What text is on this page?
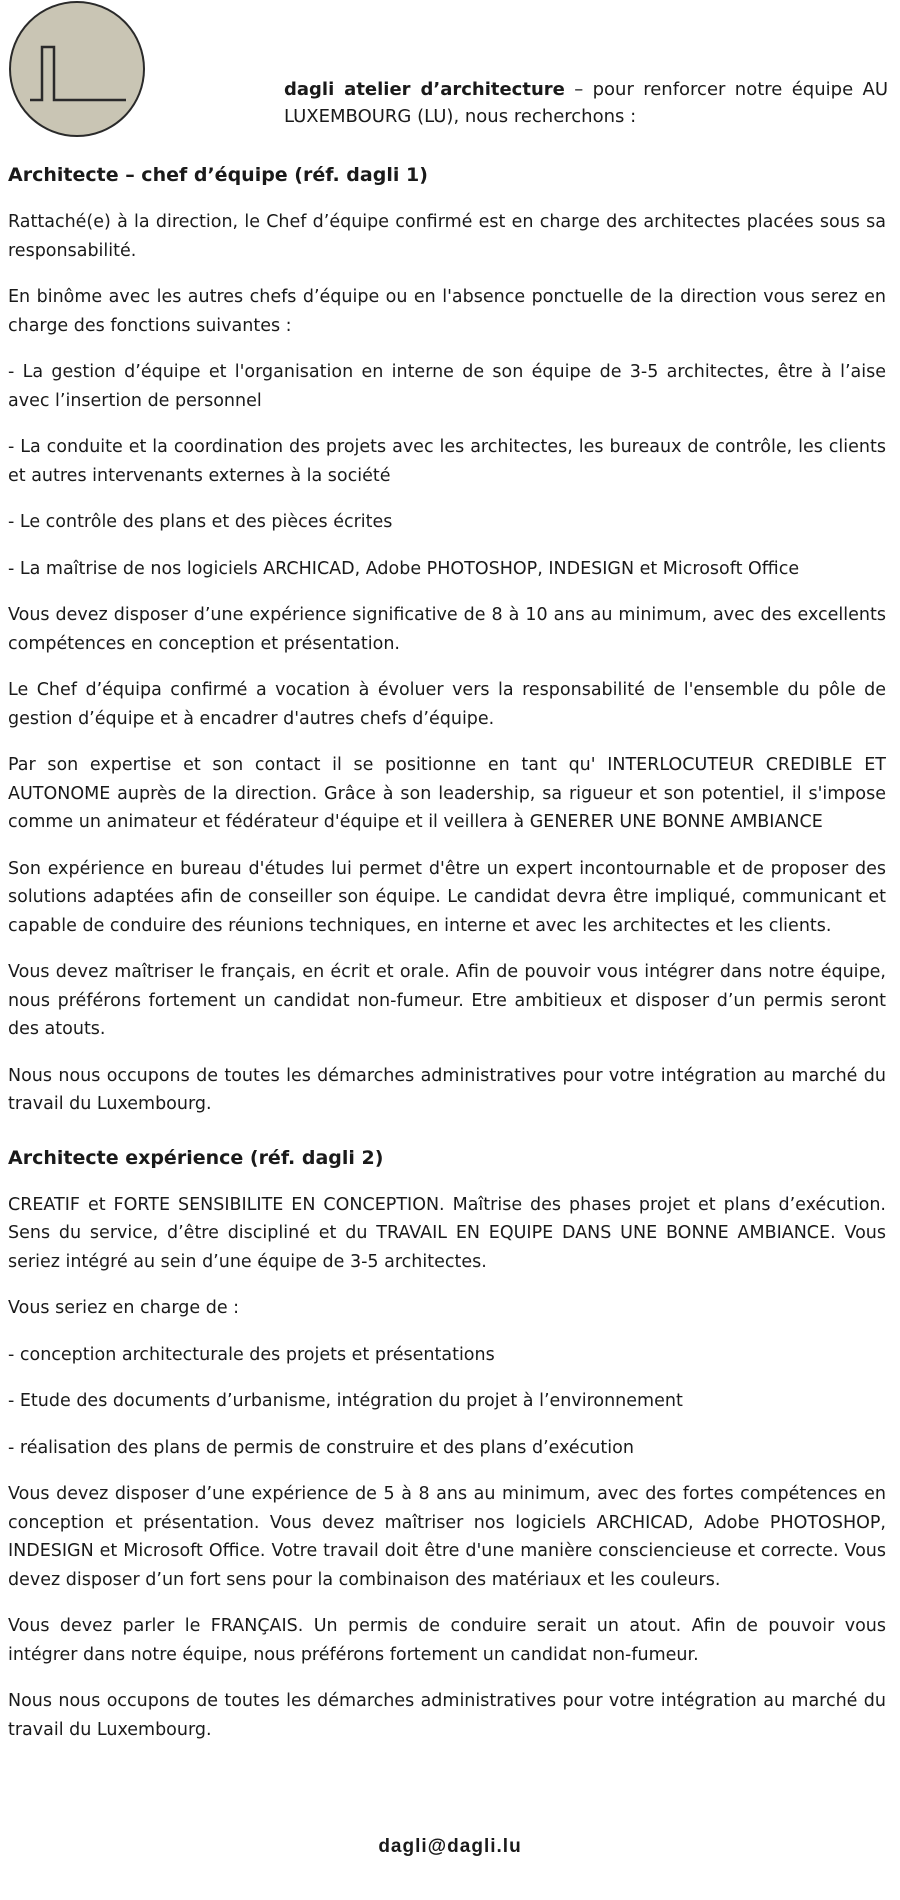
dagli atelier d’architecture – pour renforcer notre équipe AU LUXEMBOURG (LU), nous recherchons :
Architecte – chef d’équipe (réf. dagli 1)

Rattaché(e) à la direction, le Chef d’équipe confirmé est en charge des architectes placées sous sa responsabilité.

En binôme avec les autres chefs d’équipe ou en l'absence ponctuelle de la direction vous serez en charge des fonctions suivantes :

- La gestion d’équipe et l'organisation en interne de son équipe de 3-5 architectes, être à l’aise avec l’insertion de personnel

- La conduite et la coordination des projets avec les architectes, les bureaux de contrôle, les clients et autres intervenants externes à la société

- Le contrôle des plans et des pièces écrites

- La maîtrise de nos logiciels ARCHICAD, Adobe PHOTOSHOP, INDESIGN et Microsoft Office

Vous devez disposer d’une expérience significative de 8 à 10 ans au minimum, avec des excellents compétences en conception et présentation.

Le Chef d’équipa confirmé a vocation à évoluer vers la responsabilité de l'ensemble du pôle de gestion d’équipe et à encadrer d'autres chefs d’équipe.

Par son expertise et son contact il se positionne en tant qu' INTERLOCUTEUR CREDIBLE ET AUTONOME auprès de la direction. Grâce à son leadership, sa rigueur et son potentiel, il s'impose comme un animateur et fédérateur d'équipe et il veillera à GENERER UNE BONNE AMBIANCE

Son expérience en bureau d'études lui permet d'être un expert incontournable et de proposer des solutions adaptées afin de conseiller son équipe. Le candidat devra être impliqué, communicant et capable de conduire des réunions techniques, en interne et avec les architectes et les clients.

Vous devez maîtriser le français, en écrit et orale. Afin de pouvoir vous intégrer dans notre équipe, nous préférons fortement un candidat non-fumeur. Etre ambitieux et disposer d’un permis seront des atouts.

Nous nous occupons de toutes les démarches administratives pour votre intégration au marché du travail du Luxembourg.

Architecte expérience (réf. dagli 2)

CREATIF et FORTE SENSIBILITE EN CONCEPTION. Maîtrise des phases projet et plans d’exécution. Sens du service, d’être discipliné et du TRAVAIL EN EQUIPE DANS UNE BONNE AMBIANCE. Vous seriez intégré au sein d’une équipe de 3-5 architectes.

Vous seriez en charge de :

- conception architecturale des projets et présentations

- Etude des documents d’urbanisme, intégration du projet à l’environnement

- réalisation des plans de permis de construire et des plans d’exécution

Vous devez disposer d’une expérience de 5 à 8 ans au minimum, avec des fortes compétences en conception et présentation. Vous devez maîtriser nos logiciels ARCHICAD, Adobe PHOTOSHOP, INDESIGN et Microsoft Office. Votre travail doit être d'une manière consciencieuse et correcte. Vous devez disposer d’un fort sens pour la combinaison des matériaux et les couleurs.

Vous devez parler le FRANÇAIS. Un permis de conduire serait un atout. Afin de pouvoir vous intégrer dans notre équipe, nous préférons fortement un candidat non-fumeur.

Nous nous occupons de toutes les démarches administratives pour votre intégration au marché du travail du Luxembourg.

dagli@dagli.lu
